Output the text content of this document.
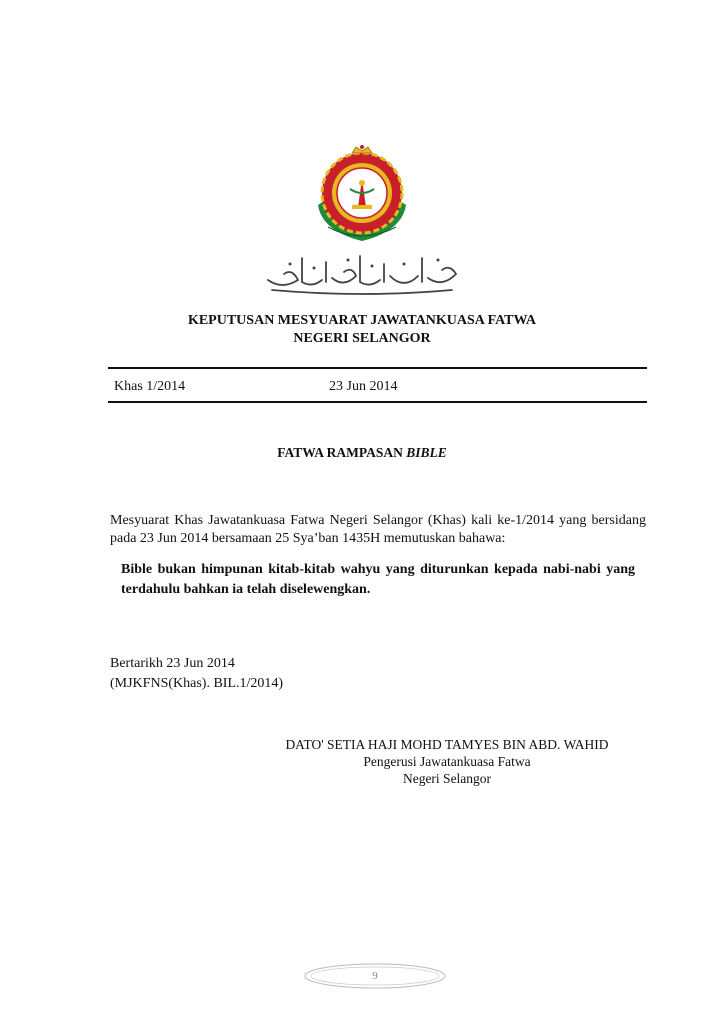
KEPUTUSAN MESYUARAT JAWATANKUASA FATWA
NEGERI SELANGOR
Khas 1/2014	23 Jun 2014
FATWA RAMPASAN BIBLE
Mesyuarat Khas Jawatankuasa Fatwa Negeri Selangor (Khas) kali ke-1/2014 yang bersidang pada 23 Jun 2014 bersamaan 25 Sya’ban 1435H memutuskan bahawa:
Bible bukan himpunan kitab-kitab wahyu yang diturunkan kepada nabi-nabi yang terdahulu bahkan ia telah diselewengkan.
Bertarikh 23 Jun 2014
(MJKFNS(Khas). BIL.1/2014)
DATO' SETIA HAJI MOHD TAMYES BIN ABD. WAHID
Pengerusi Jawatankuasa Fatwa
Negeri Selangor
9
